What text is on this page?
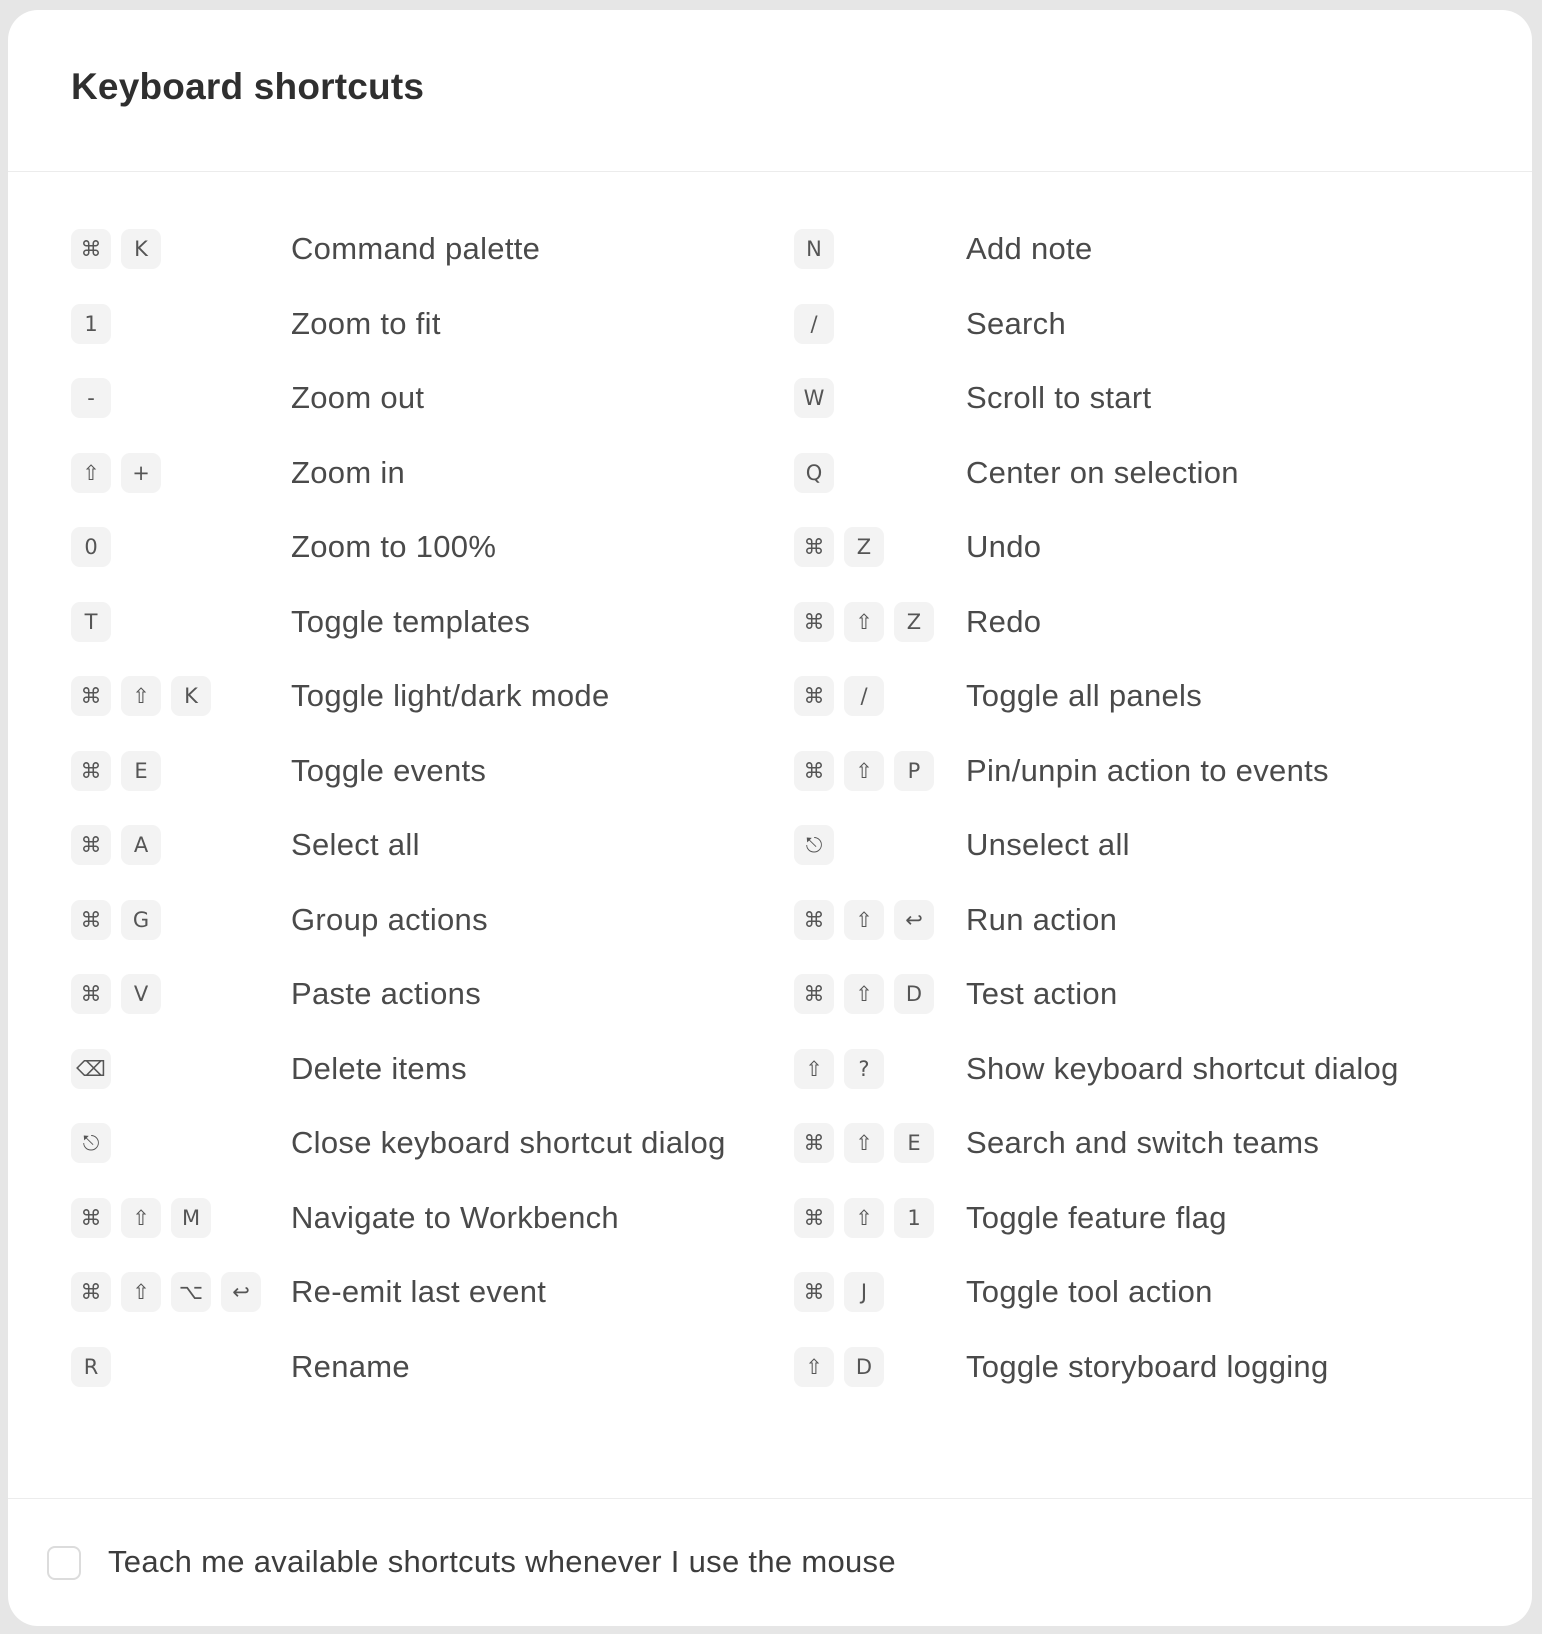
Keyboard shortcuts
⌘	K	Command palette
1	Zoom to fit
-	Zoom out
⇧	+	Zoom in
0	Zoom to 100%
T	Toggle templates
⌘	⇧	K	Toggle light/dark mode
⌘	E	Toggle events
⌘	A	Select all
⌘	G	Group actions
⌘	V	Paste actions
⌫	Delete items
⎋	Close keyboard shortcut dialog
⌘	⇧	M	Navigate to Workbench
⌘	⇧	⌥	↩	Re-emit last event
R	Rename
N	Add note
/	Search
W	Scroll to start
Q	Center on selection
⌘	Z	Undo
⌘	⇧	Z	Redo
⌘	/	Toggle all panels
⌘	⇧	P	Pin/unpin action to events
⎋	Unselect all
⌘	⇧	↩	Run action
⌘	⇧	D	Test action
⇧	?	Show keyboard shortcut dialog
⌘	⇧	E	Search and switch teams
⌘	⇧	1	Toggle feature flag
⌘	J	Toggle tool action
⇧	D	Toggle storyboard logging
Teach me available shortcuts whenever I use the mouse
